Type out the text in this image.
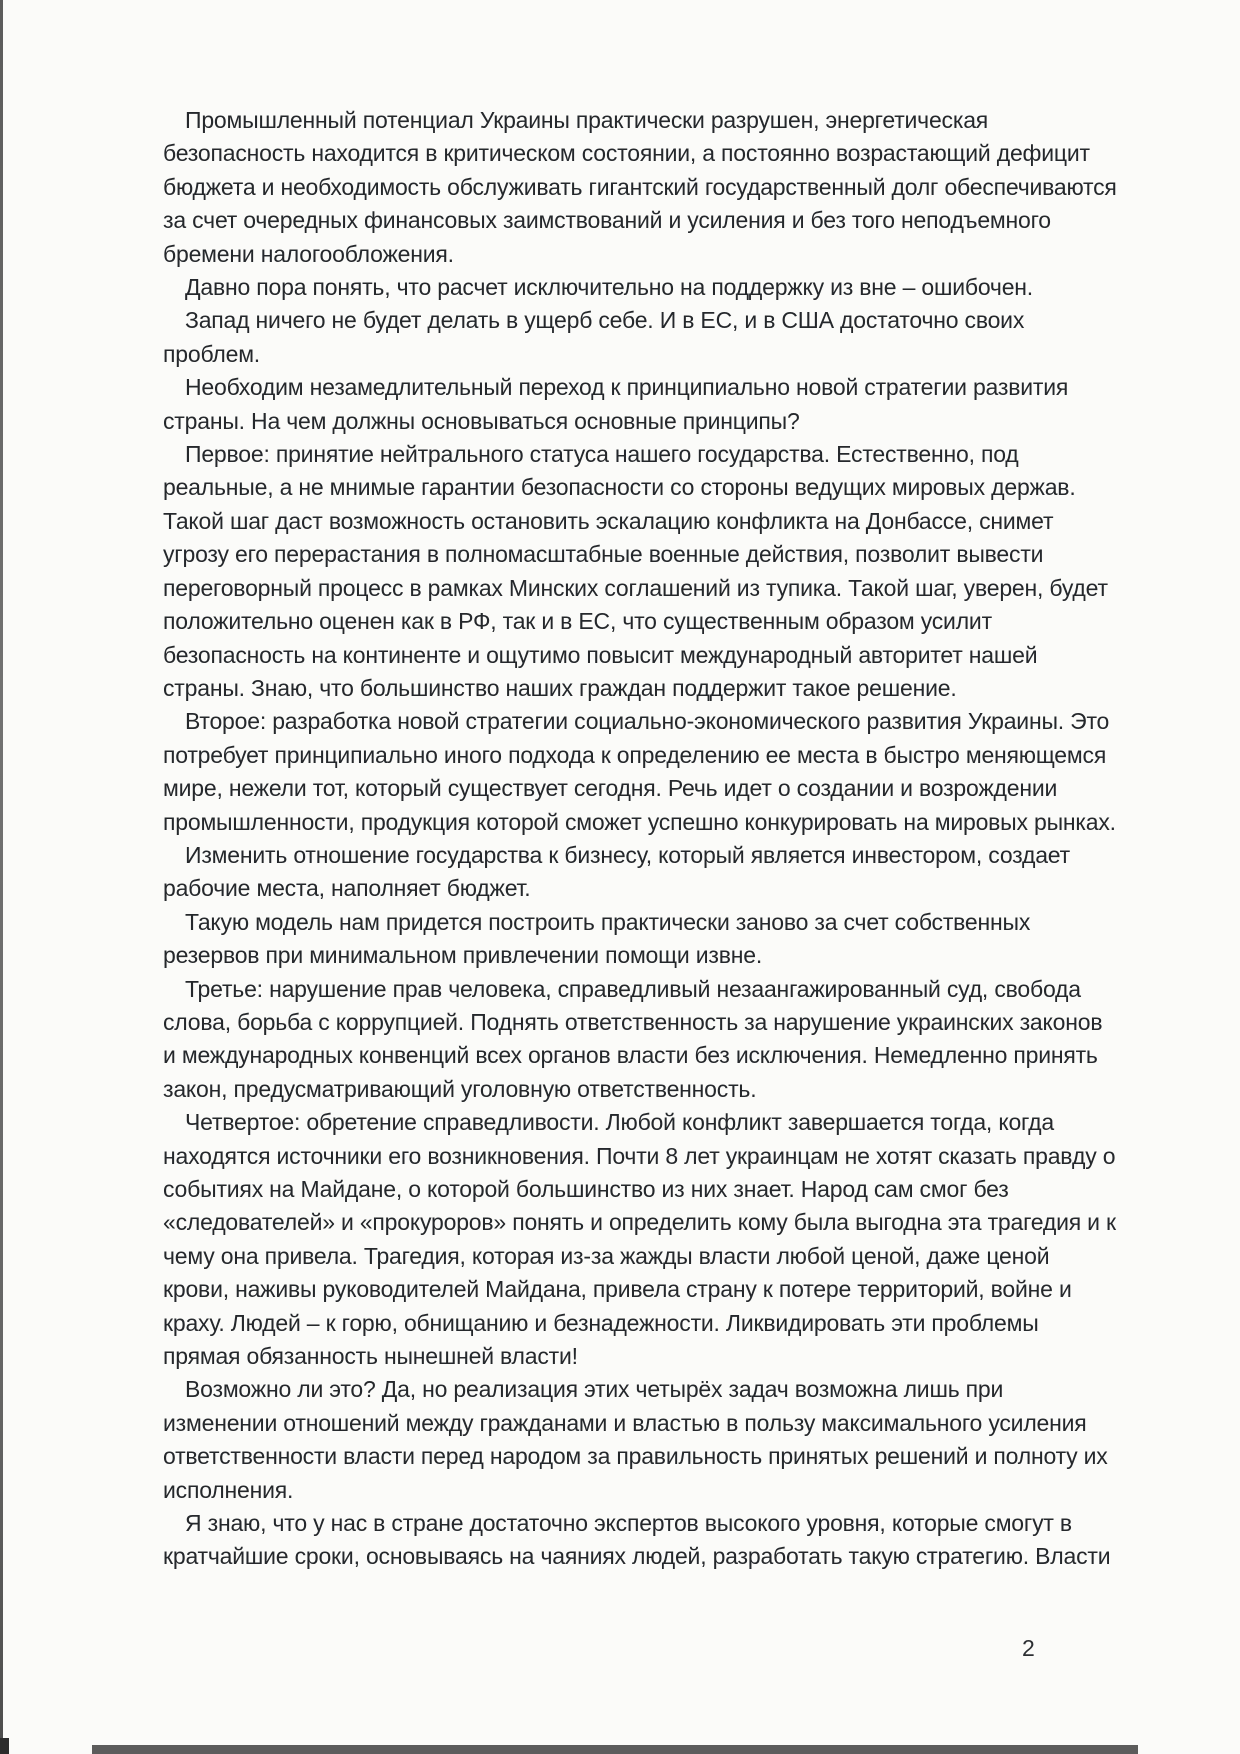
Промышленный потенциал Украины практически разрушен, энергетическая безопасность находится в критическом состоянии, а постоянно возрастающий дефицит бюджета и необходимость обслуживать гигантский государственный долг обеспечиваются за счет очередных финансовых заимствований и усиления и без того неподъемного бремени налогообложения.

Давно пора понять, что расчет исключительно на поддержку из вне – ошибочен.

Запад ничего не будет делать в ущерб себе. И в ЕС, и в США достаточно своих проблем.

Необходим незамедлительный переход к принципиально новой стратегии развития страны. На чем должны основываться основные принципы?

Первое: принятие нейтрального статуса нашего государства. Естественно, под реальные, а не мнимые гарантии безопасности со стороны ведущих мировых держав. Такой шаг даст возможность остановить эскалацию конфликта на Донбассе, снимет угрозу его перерастания в полномасштабные военные действия, позволит вывести переговорный процесс в рамках Минских соглашений из тупика. Такой шаг, уверен, будет положительно оценен как в РФ, так и в ЕС, что существенным образом усилит безопасность на континенте и ощутимо повысит международный авторитет нашей страны. Знаю, что большинство наших граждан поддержит такое решение.

Второе: разработка новой стратегии социально-экономического развития Украины. Это потребует принципиально иного подхода к определению ее места в быстро меняющемся мире, нежели тот, который существует сегодня. Речь идет о создании и возрождении промышленности, продукция которой сможет успешно конкурировать на мировых рынках.

Изменить отношение государства к бизнесу, который является инвестором, создает рабочие места, наполняет бюджет.

Такую модель нам придется построить практически заново за счет собственных резервов при минимальном привлечении помощи извне.

Третье: нарушение прав человека, справедливый незаангажированный суд, свобода слова, борьба с коррупцией. Поднять ответственность за нарушение украинских законов и международных конвенций всех органов власти без исключения. Немедленно принять закон, предусматривающий уголовную ответственность.

Четвертое: обретение справедливости. Любой конфликт завершается тогда, когда находятся источники его возникновения. Почти 8 лет украинцам не хотят сказать правду о событиях на Майдане, о которой большинство из них знает. Народ сам смог без «следователей» и «прокуроров» понять и определить кому была выгодна эта трагедия и к чему она привела. Трагедия, которая из-за жажды власти любой ценой, даже ценой крови, наживы руководителей Майдана, привела страну к потере территорий, войне и краху. Людей – к горю, обнищанию и безнадежности. Ликвидировать эти проблемы прямая обязанность нынешней власти!

Возможно ли это? Да, но реализация этих четырёх задач возможна лишь при изменении отношений между гражданами и властью в пользу максимального усиления ответственности власти перед народом за правильность принятых решений и полноту их исполнения.

Я знаю, что у нас в стране достаточно экспертов высокого уровня, которые смогут в кратчайшие сроки, основываясь на чаяниях людей, разработать такую стратегию. Власти

2
